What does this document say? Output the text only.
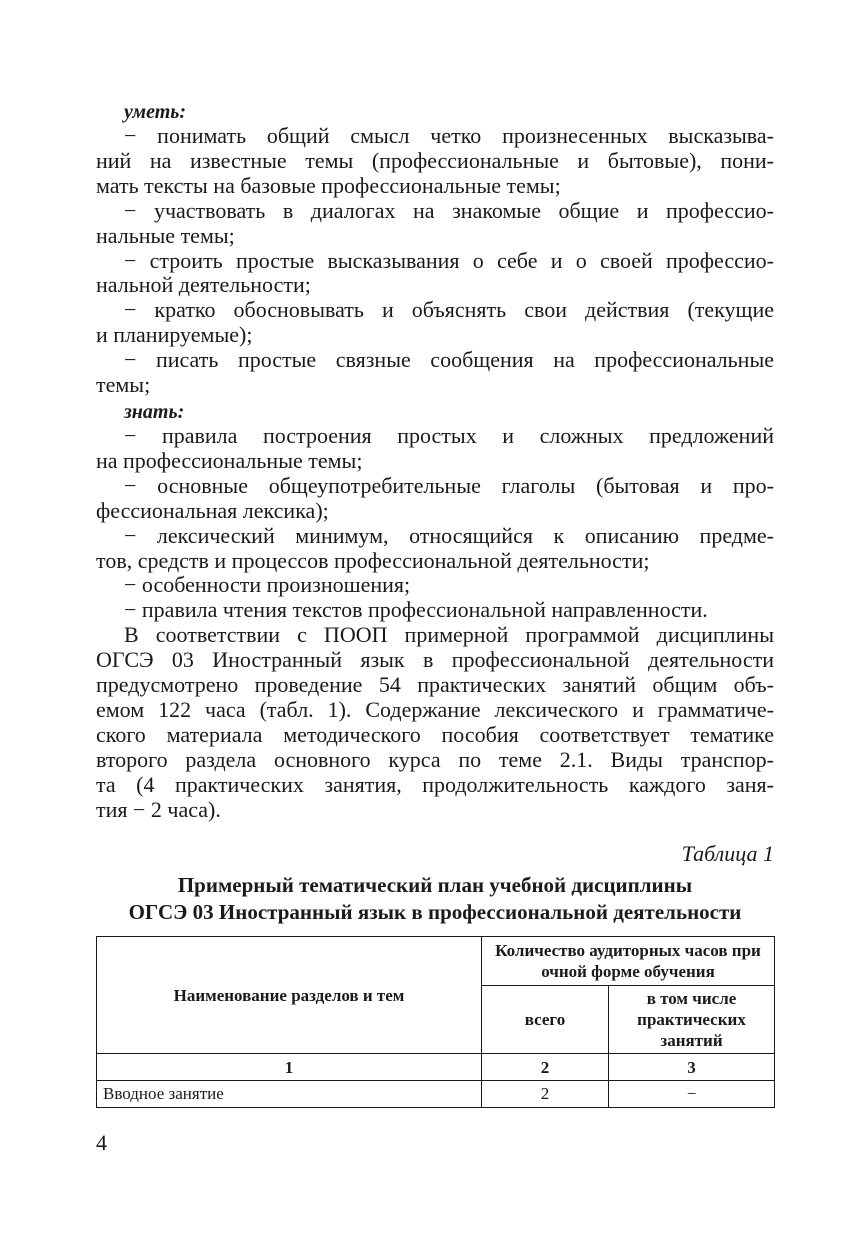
уметь:

− понимать общий смысл четко произнесенных высказыва-

ний на известные темы (профессиональные и бытовые), пони-

мать тексты на базовые профессиональные темы;

− участвовать в диалогах на знакомые общие и профессио-

нальные темы;

− строить простые высказывания о себе и о своей профессио-

нальной деятельности;

− кратко обосновывать и объяснять свои действия (текущие

и планируемые);

− писать простые связные сообщения на профессиональные

темы;

знать:

− правила построения простых и сложных предложений

на профессиональные темы;

− основные общеупотребительные глаголы (бытовая и про-

фессиональная лексика);

− лексический минимум, относящийся к описанию предме-

тов, средств и процессов профессиональной деятельности;

− особенности произношения;

− правила чтения текстов профессиональной направленности.

В соответствии с ПООП примерной программой дисциплины

ОГСЭ 03 Иностранный язык в профессиональной деятельности

предусмотрено проведение 54 практических занятий общим объ-

емом 122 часа (табл. 1). Содержание лексического и грамматиче-

ского материала методического пособия соответствует тематике

второго раздела основного курса по теме 2.1. Виды транспор-

та (4 практических занятия, продолжительность каждого заня-

тия − 2 часа).

Таблица 1
Примерный тематический план учебной дисциплины
ОГСЭ 03 Иностранный язык в профессиональной деятельности
Наименование разделов и тем	Количество аудиторных часов при очной форме обучения	
	всего	в том числе практических занятий
1	2	3
Вводное занятие	2	−
4
